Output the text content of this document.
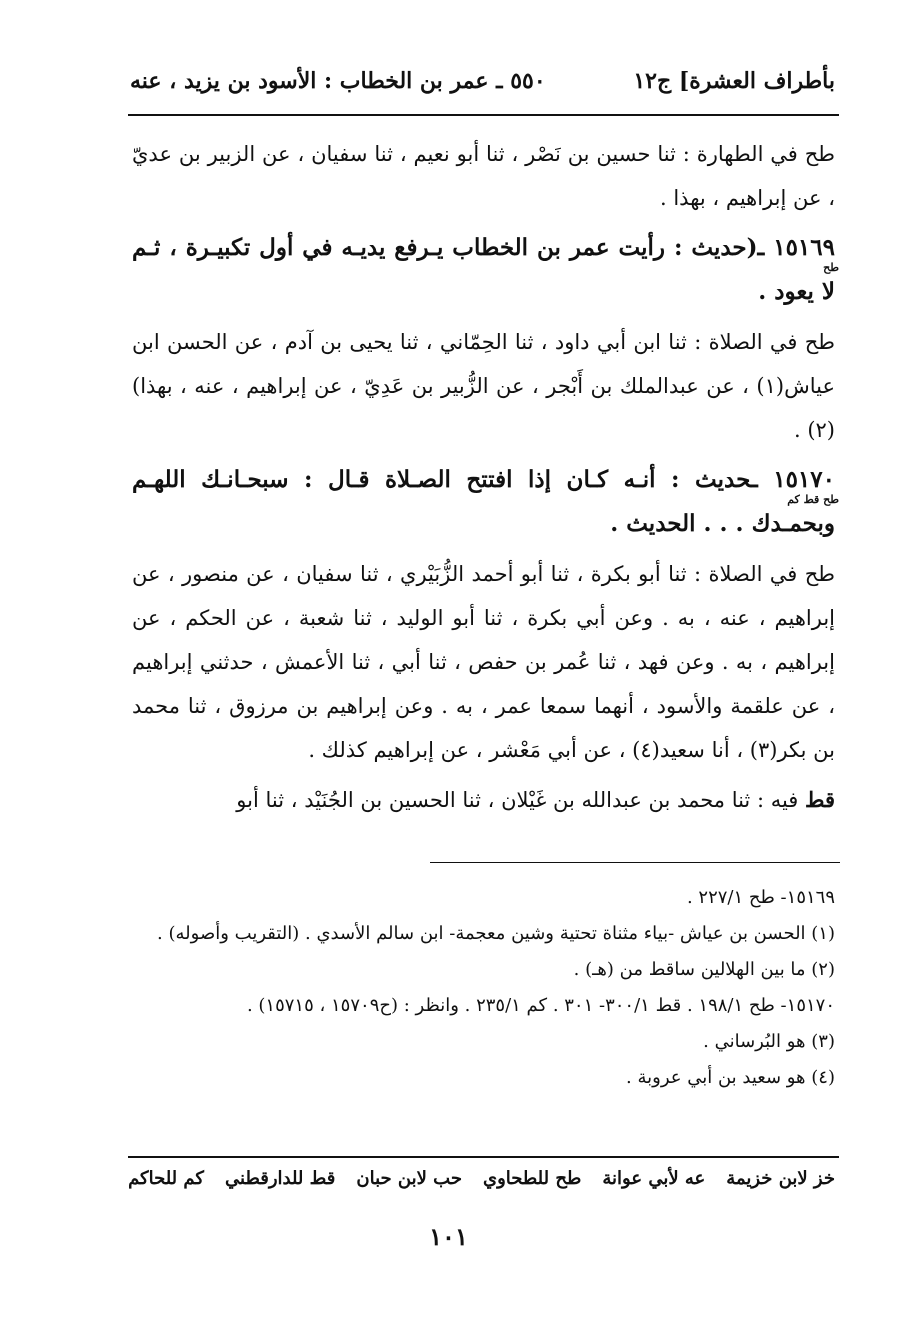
بأطراف العشرة] ج١٢
٥٥٠ ـ عمر بن الخطاب : الأسود بن يزيد ، عنه

طح في الطهارة : ثنا حسين بن نَصْر ، ثنا أبو نعيم ، ثنا سفيان ، عن الزبير بن عديّ ، عن إبراهيم ، بهذا .

١٥١٦٩ ـ(حديث : رأيت عمر بن الخطاب يـرفع يديـه في أول تكبيـرة ، ثـم لا يعود .
طح

طح في الصلاة : ثنا ابن أبي داود ، ثنا الحِمّاني ، ثنا يحيى بن آدم ، عن الحسن ابن عياش(١) ، عن عبدالملك بن أَبْجر ، عن الزُّبير بن عَدِيّ ، عن إبراهيم ، عنه ، بهذا)(٢) .

١٥١٧٠ ـحديث : أنـه كـان إذا افتتح الصـلاة قـال : سبحـانـك اللهـم وبحمـدك . . . الحديث .
طح قط كم

طح في الصلاة : ثنا أبو بكرة ، ثنا أبو أحمد الزُّبَيْري ، ثنا سفيان ، عن منصور ، عن إبراهيم ، عنه ، به . وعن أبي بكرة ، ثنا أبو الوليد ، ثنا شعبة ، عن الحكم ، عن إبراهيم ، به . وعن فهد ، ثنا عُمر بن حفص ، ثنا أبي ، ثنا الأعمش ، حدثني إبراهيم ، عن علقمة والأسود ، أنهما سمعا عمر ، به . وعن إبراهيم بن مرزوق ، ثنا محمد بن بكر(٣) ، أنا سعيد(٤) ، عن أبي مَعْشر ، عن إبراهيم كذلك .

قط فيه : ثنا محمد بن عبدالله بن غَيْلان ، ثنا الحسين بن الجُنَيْد ، ثنا أبو

١٥١٦٩- طح ٢٢٧/١ .

(١) الحسن بن عياش -بياء مثناة تحتية وشين معجمة- ابن سالم الأسدي . (التقريب وأصوله) .

(٢) ما بين الهلالين ساقط من (هـ) .

١٥١٧٠- طح ١٩٨/١ . قط ٣٠٠/١- ٣٠١ . كم ٢٣٥/١ . وانظر : (ح١٥٧٠٩ ، ١٥٧١٥) .

(٣) هو البُرساني .

(٤) هو سعيد بن أبي عروبة .

خز لابن خزيمة
عه لأبي عوانة
طح للطحاوي
حب لابن حبان
قط للدارقطني
كم للحاكم
١٠١
